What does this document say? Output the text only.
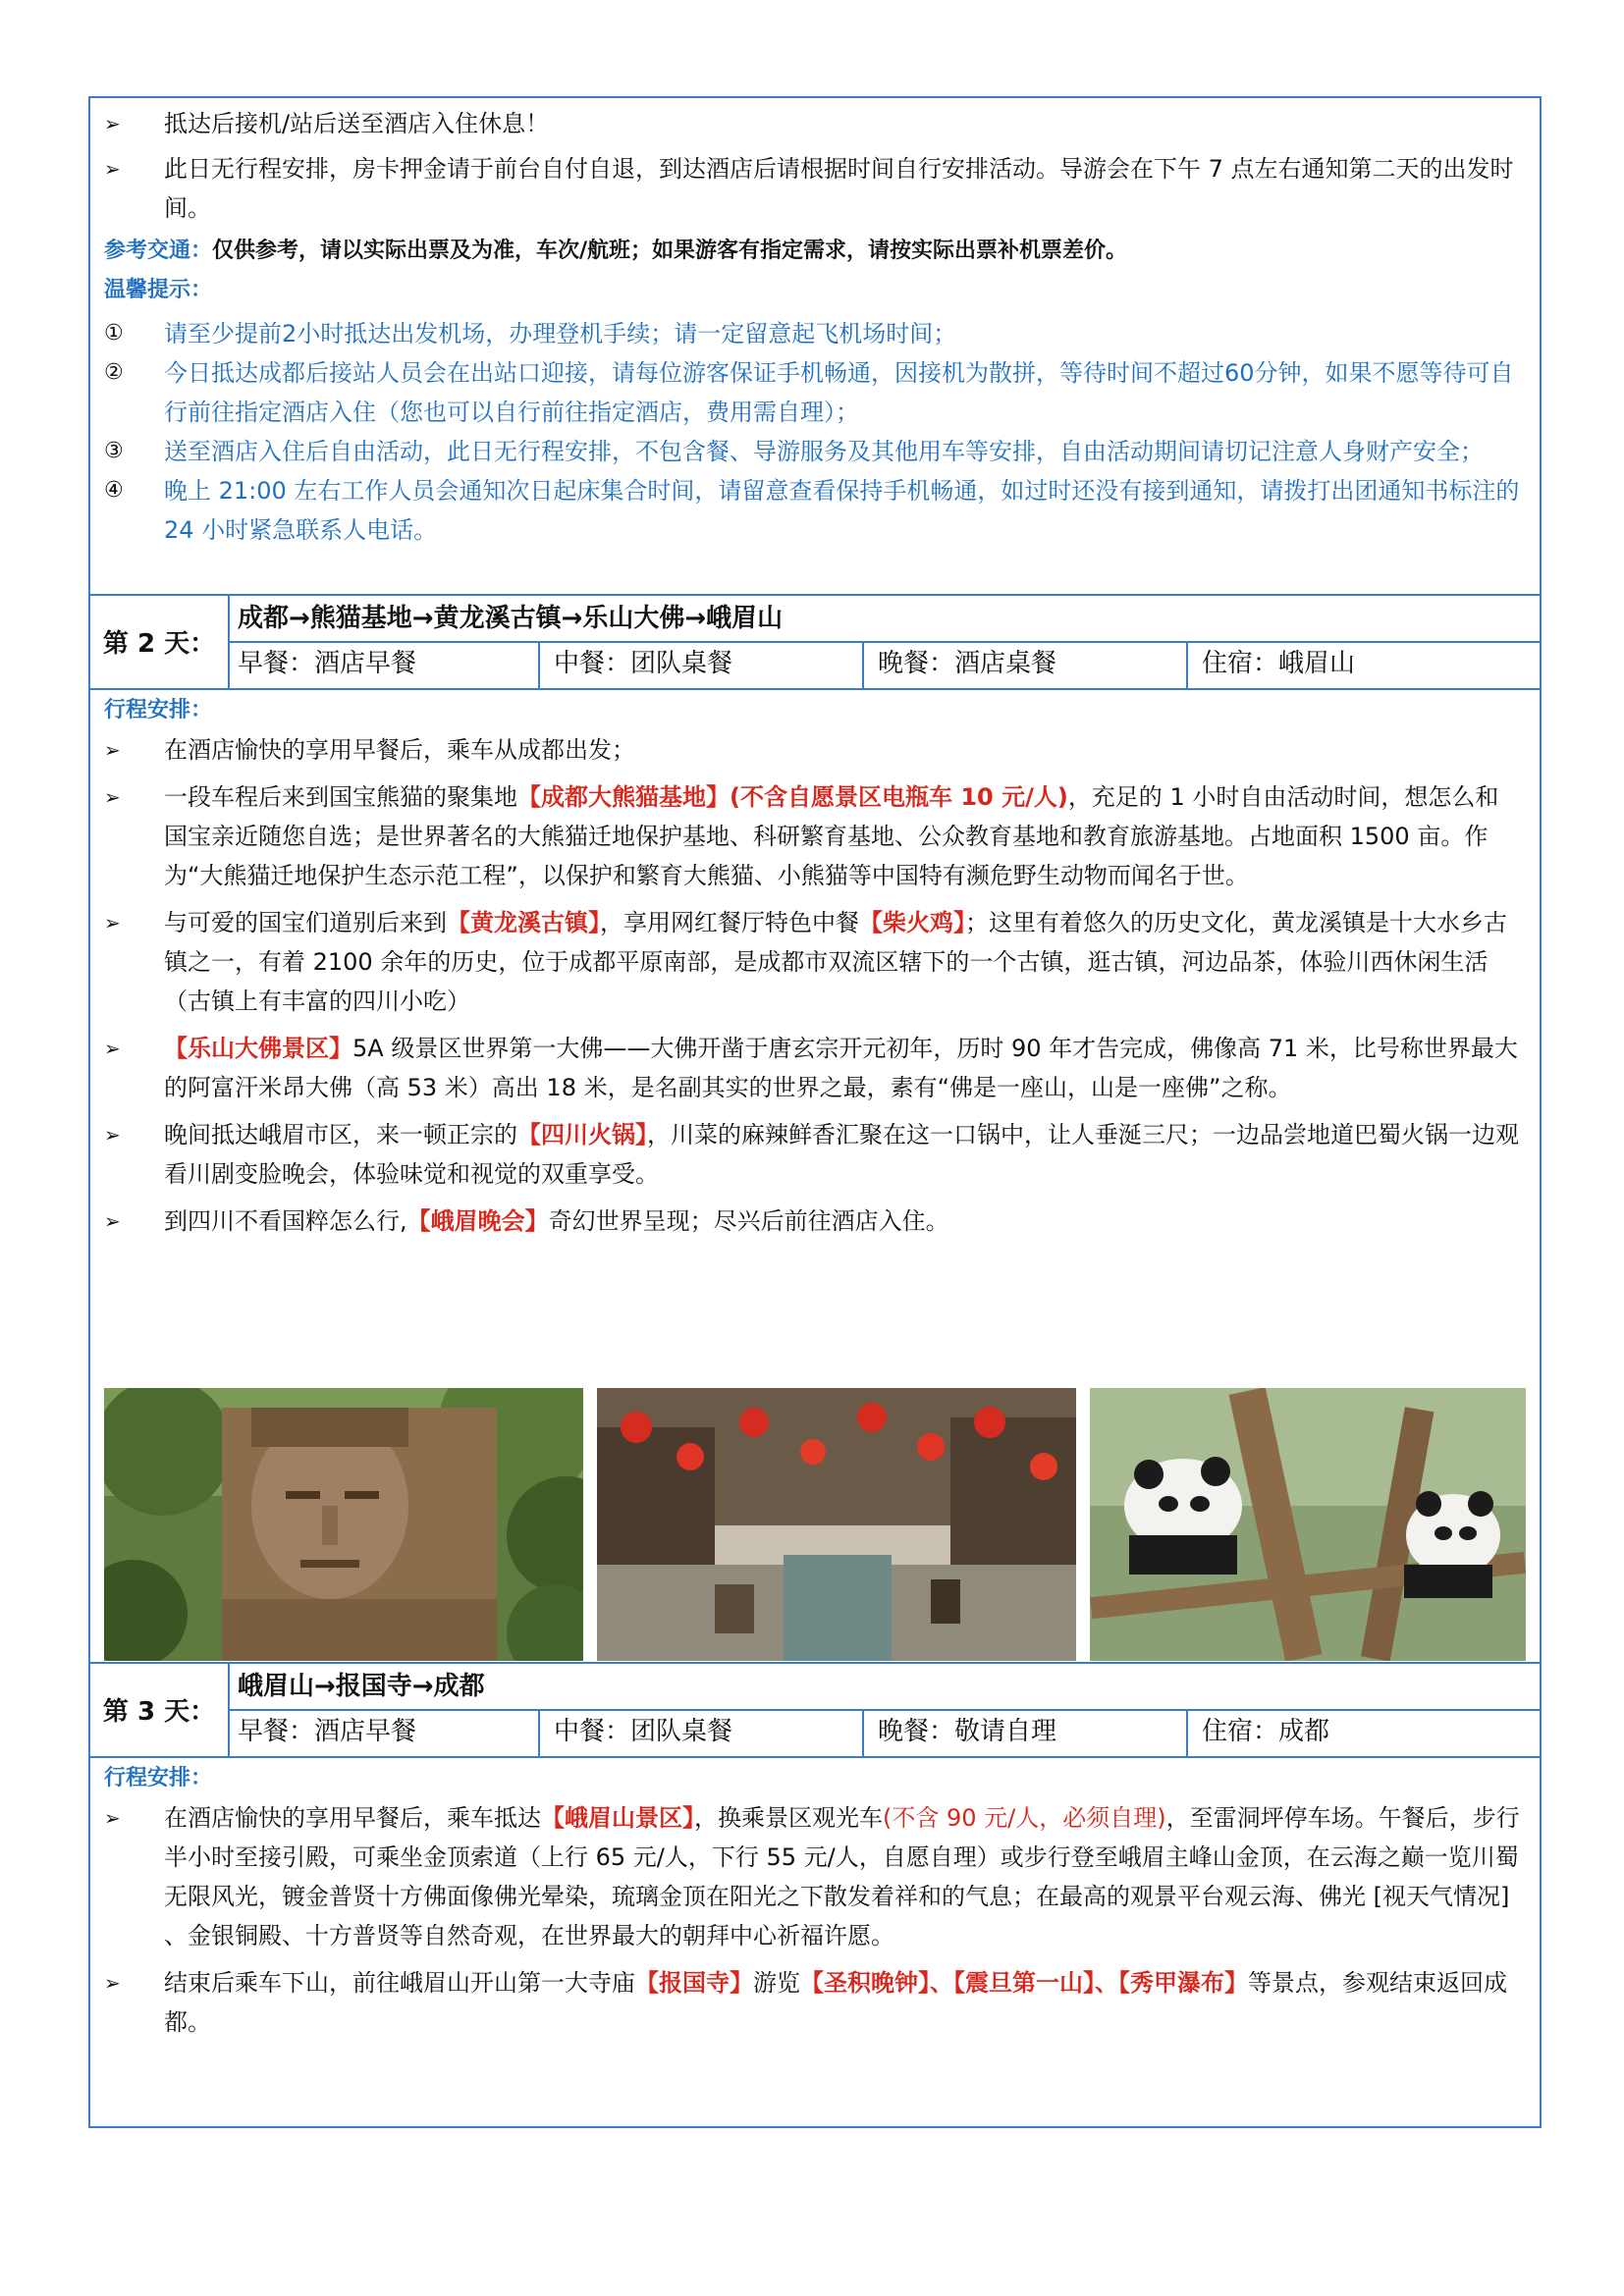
➢ 抵达后接机/站后送至酒店入住休息！
➢ 此日无行程安排，房卡押金请于前台自付自退，到达酒店后请根据时间自行安排活动。导游会在下午 7 点左右通知第二天的出发时间。
参考交通：仅供参考，请以实际出票及为准，车次/航班；如果游客有指定需求，请按实际出票补机票差价。
温馨提示：
① 请至少提前2小时抵达出发机场，办理登机手续；请一定留意起飞机场时间；
② 今日抵达成都后接站人员会在出站口迎接，请每位游客保证手机畅通，因接机为散拼，等待时间不超过60分钟，如果不愿等待可自行前往指定酒店入住（您也可以自行前往指定酒店，费用需自理）；
③ 送至酒店入住后自由活动，此日无行程安排，不包含餐、导游服务及其他用车等安排，自由活动期间请切记注意人身财产安全；
④ 晚上 21:00 左右工作人员会通知次日起床集合时间，请留意查看保持手机畅通，如过时还没有接到通知，请拨打出团通知书标注的 24 小时紧急联系人电话。
第 2 天：
成都→熊猫基地→黄龙溪古镇→乐山大佛→峨眉山
早餐：酒店早餐	中餐：团队桌餐	晚餐：酒店桌餐	住宿：峨眉山
行程安排：
➢ 在酒店愉快的享用早餐后，乘车从成都出发；
➢ 一段车程后来到国宝熊猫的聚集地【成都大熊猫基地】(不含自愿景区电瓶车 10 元/人)，充足的 1 小时自由活动时间，想怎么和国宝亲近随您自选；是世界著名的大熊猫迁地保护基地、科研繁育基地、公众教育基地和教育旅游基地。占地面积 1500 亩。作为“大熊猫迁地保护生态示范工程”，以保护和繁育大熊猫、小熊猫等中国特有濒危野生动物而闻名于世。
➢ 与可爱的国宝们道别后来到【黄龙溪古镇】，享用网红餐厅特色中餐【柴火鸡】；这里有着悠久的历史文化，黄龙溪镇是十大水乡古镇之一，有着 2100 余年的历史，位于成都平原南部，是成都市双流区辖下的一个古镇，逛古镇，河边品茶，体验川西休闲生活（古镇上有丰富的四川小吃）
➢ 【乐山大佛景区】5A 级景区世界第一大佛——大佛开凿于唐玄宗开元初年，历时 90 年才告完成，佛像高 71 米，比号称世界最大的阿富汗米昂大佛（高 53 米）高出 18 米，是名副其实的世界之最，素有“佛是一座山，山是一座佛”之称。
➢ 晚间抵达峨眉市区，来一顿正宗的【四川火锅】，川菜的麻辣鲜香汇聚在这一口锅中，让人垂涎三尺；一边品尝地道巴蜀火锅一边观看川剧变脸晚会，体验味觉和视觉的双重享受。
➢ 到四川不看国粹怎么行,【峨眉晚会】奇幻世界呈现；尽兴后前往酒店入住。
第 3 天：
峨眉山→报国寺→成都
早餐：酒店早餐	中餐：团队桌餐	晚餐：敬请自理	住宿：成都
行程安排：
➢ 在酒店愉快的享用早餐后，乘车抵达【峨眉山景区】，换乘景区观光车(不含 90 元/人，必须自理)，至雷洞坪停车场。午餐后，步行半小时至接引殿，可乘坐金顶索道（上行 65 元/人，下行 55 元/人，自愿自理）或步行登至峨眉主峰山金顶，在云海之巅一览川蜀无限风光，镀金普贤十方佛面像佛光晕染，琉璃金顶在阳光之下散发着祥和的气息；在最高的观景平台观云海、佛光 [视天气情况] 、金银铜殿、十方普贤等自然奇观，在世界最大的朝拜中心祈福许愿。
➢ 结束后乘车下山，前往峨眉山开山第一大寺庙【报国寺】游览【圣积晚钟】、【震旦第一山】、【秀甲瀑布】等景点，参观结束返回成都。
